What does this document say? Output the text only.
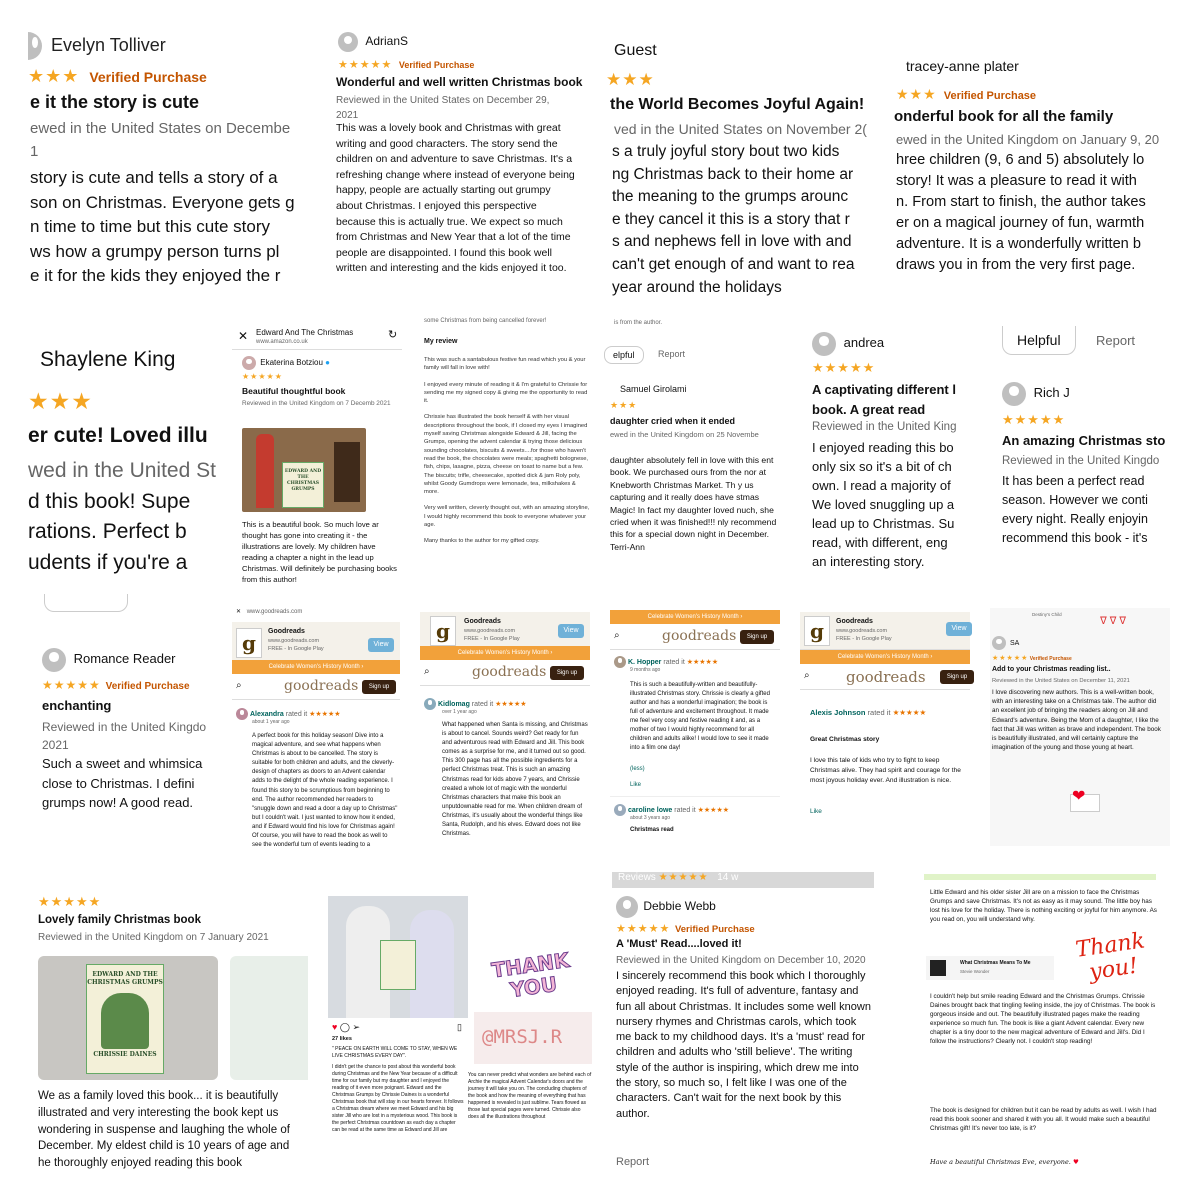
Evelyn Tolliver
★★★ Verified Purchase
e it the story is cute
ewed in the United States on Decembe
1
story is cute and tells a story of a
son on Christmas. Everyone gets g
n time to time but this cute story
ws how a grumpy person turns pl
e it for the kids they enjoyed the r
AdrianS
★★★★★ Verified Purchase
Wonderful and well written Christmas book
Reviewed in the United States on December 29, 2021
This was a lovely book and Christmas with great writing and good characters. The story send the children on and adventure to save Christmas. It's a refreshing change where instead of everyone being happy, people are actually starting out grumpy about Christmas. I enjoyed this perspective because this is actually true. We expect so much from Christmas and New Year that a lot of the time people are disappointed. I found this book well written and interesting and the kids enjoyed it too.
Guest
★★★
the World Becomes Joyful Again!
ved in the United States on November 2(
s a truly joyful story bout two kids
ng Christmas back to their home ar
the meaning to the grumps arounc
e they cancel it this is a story that r
s and nephews fell in love with and
can't get enough of and want to rea
year around the holidays
tracey-anne plater
★★★ Verified Purchase
onderful book for all the family
ewed in the United Kingdom on January 9, 20
hree children (9, 6 and 5) absolutely lo
story! It was a pleasure to read it with
n. From start to finish, the author takes
er on a magical journey of fun, warmth
adventure. It is a wonderfully written b
draws you in from the very first page.
Shaylene King
★★★
er cute! Loved illu
wed in the United St
d this book! Supe
rations. Perfect b
udents if you're a
✕ Edward And The Christmas
www.amazon.co.uk
↻
Ekaterina Botziou ●
★★★★★
Beautiful thoughtful book
Reviewed in the United Kingdom on 7 Decemb 2021
EDWARD AND THE CHRISTMAS GRUMPS
This is a beautiful book. So much love ar thought has gone into creating it - the illustrations are lovely. My children have reading a chapter a night in the lead up Christmas. Will definitely be purchasing books from this author!
some Christmas from being cancelled forever!
My review

This was such a santabulous festive fun read which you & your family will fall in love with!

I enjoyed every minute of reading it & I'm grateful to Chrissie for sending me my signed copy & giving me the opportunity to read it.

Chrissie has illustrated the book herself & with her visual descriptions throughout the book, if I closed my eyes I imagined myself saving Christmas alongside Edward & Jill, facing the Grumps, opening the advent calendar & trying those delicious sounding chocolates, biscuits & sweets....for those who haven't read the book, the chocolates were meals; spaghetti bolognese, fish, chips, lasagne, pizza, cheese on toast to name but a few. The biscuits; trifle, cheesecake, spotted dick & jam Roly poly, whilst Goody Gumdrops were lemonade, tea, milkshakes & more.

Very well written, cleverly thought out, with an amazing storyline, I would highly recommend this book to everyone whatever your age.

Many thanks to the author for my gifted copy.

is from the author.
elpful	Report
Samuel Girolami
★★★
daughter cried when it ended
ewed in the United Kingdom on 25 Novembe
daughter absolutely fell in love with this ent book. We purchased ours from the nor at Knebworth Christmas Market. Th y us capturing and it really does have stmas Magic! In fact my daughter loved nuch, she cried when it was finished!!! nly recommend this for a special down night in December. Terri-Ann
andrea
★★★★★
A captivating different l book. A great read
Reviewed in the United King
I enjoyed reading this bo
only six so it's a bit of ch
own. I read a majority of
We loved snuggling up a
lead up to Christmas. Su
read, with different, eng
an interesting story.
Helpful	Report
Rich J
★★★★★
An amazing Christmas sto
Reviewed in the United Kingdo
It has been a perfect read
season. However we conti
every night. Really enjoyin
recommend this book - it's
Romance Reader
★★★★★ Verified Purchase
enchanting
Reviewed in the United Kingdo
2021
Such a sweet and whimsica
close to Christmas. I defini
grumps now! A good read.
✕ www.goodreads.com
g	Goodreads
www.goodreads.com
FREE - In Google Play
View
Celebrate Women's History Month ›
⌕	goodreads	Sign up
Alexandra rated it ★★★★★
about 1 year ago
A perfect book for this holiday season! Dive into a magical adventure, and see what happens when Christmas is about to be cancelled. The story is suitable for both children and adults, and the cleverly-design of chapters as doors to an Advent calendar adds to the delight of the whole reading experience. I found this story to be scrumptious from beginning to end. The author recommended her readers to "snuggle down and read a door a day up to Christmas" but I couldn't wait. I just wanted to know how it ended, and if Edward would find his love for Christmas again! Of course, you will have to read the book as well to see the wonderful turn of events leading to a
g	Goodreads
www.goodreads.com
FREE - In Google Play
View
Celebrate Women's History Month ›
⌕	goodreads	Sign up
Kidlomag rated it ★★★★★
over 1 year ago
What happened when Santa is missing, and Christmas is about to cancel. Sounds weird? Get ready for fun and adventurous read with Edward and Jill. This book comes as a surprise for me, and it turned out so good. This 300 page has all the possible ingredients for a perfect Christmas treat. This is such an amazing Christmas read for kids above 7 years, and Chrissie created a whole lot of magic with the wonderful Christmas characters that make this book an unputdownable read for me. When children dream of Christmas, it's usually about the wonderful things like Santa, Rudolph, and his elves. Edward does not like Christmas.
Celebrate Women's History Month ›
⌕	goodreads	Sign up
K. Hopper rated it ★★★★★
9 months ago
This is such a beautifully-written and beautifully-illustrated Christmas story. Chrissie is clearly a gifted author and has a wonderful imagination; the book is full of adventure and excitement throughout. It made me feel very cosy and festive reading it and, as a mother of two I would highly recommend for all children and adults alike! I would love to see it made into a film one day!
(less)
Like
caroline lowe rated it ★★★★★
about 3 years ago
Christmas read
g	Goodreads
www.goodreads.com
FREE - In Google Play
View
Celebrate Women's History Month ›
⌕ goodreads	Sign up
Alexis Johnson rated it ★★★★★
Great Christmas story
I love this tale of kids who try to fight to keep Christmas alive. They had spirit and courage for the most joyous holiday ever. And illustration is nice.
Like
Destiny's Child
ᐁ ᐁ ᐁ
SA
★★★★★ Verified Purchase
Add to your Christmas reading list..
Reviewed in the United States on December 11, 2021
I love discovering new authors. This is a well-written book, with an interesting take on a Christmas tale. The author did an excellent job of bringing the readers along on Jill and Edward's adventure. Being the Mom of a daughter, I like the fact that Jill was written as brave and independent. The book is beautifully illustrated, and will certainly capture the imagination of the young and those young at heart.
❤
★★★★★
Lovely family Christmas book
Reviewed in the United Kingdom on 7 January 2021
EDWARD AND THE CHRISTMAS GRUMPS
CHRISSIE DAINES
We as a family loved this book... it is beautifully illustrated and very interesting the book kept us wondering in suspense and laughing the whole of December. My eldest child is 10 years of age and he thoroughly enjoyed reading this book
♥ ◯ ➢	▯
27 likes

" PEACE ON EARTH WILL COME TO STAY, WHEN WE LIVE CHRISTMAS EVERY DAY".

I didn't get the chance to post about this wonderful book during Christmas and the New Year because of a difficult time for our family but my daughter and I enjoyed the reading of it even more poignant. Edward and the Christmas Grumps by Chrissie Daines is a wonderful Christmas book that will stay in our hearts forever. It follows a Christmas dream where we meet Edward and his big sister Jill who are lost in a mysterious wood. This book is the perfect Christmas countdown as each day a chapter can be read at the same time as Edward and Jill are

THANK YOU
@MRSJ.R
You can never predict what wonders are behind each of Archie the magical Advent Calendar's doors and the journey it will take you on. The concluding chapters of the book and how the meaning of everything that has happened is revealed is just sublime. Tears flowed as those last special pages were turned. Chrissie also does all the illustrations throughout
Reviews ★★★★★ 14 w
Debbie Webb
★★★★★ Verified Purchase
A 'Must' Read....loved it!
Reviewed in the United Kingdom on December 10, 2020
I sincerely recommend this book which I thoroughly enjoyed reading. It's full of adventure, fantasy and fun all about Christmas. It includes some well known nursery rhymes and Christmas carols, which took me back to my childhood days. It's a 'must' read for children and adults who 'still believe'. The writing style of the author is inspiring, which drew me into the story, so much so, I felt like I was one of the characters. Can't wait for the next book by this author.
Report
Little Edward and his older sister Jill are on a mission to face the Christmas Grumps and save Christmas. It's not as easy as it may sound. The little boy has lost his love for the holiday. There is nothing exciting or joyful for him anymore. As you read on, you will understand why.
What Christmas Means To Me
Stevie Wonder
Thank you!
I couldn't help but smile reading Edward and the Christmas Grumps. Chrissie Daines brought back that tingling feeling inside, the joy of Christmas. The book is gorgeous inside and out. The beautifully illustrated pages make the reading experience so much fun. The book is like a giant Advent calendar. Every new chapter is a tiny door to the new magical adventure of Edward and Jill's. Did I follow the instructions? Clearly not. I couldn't stop reading!
The book is designed for children but it can be read by adults as well. I wish I had read this book sooner and shared it with you all. It would make such a beautiful Christmas gift! It's never too late, is it?
Have a beautiful Christmas Eve, everyone. ♥
